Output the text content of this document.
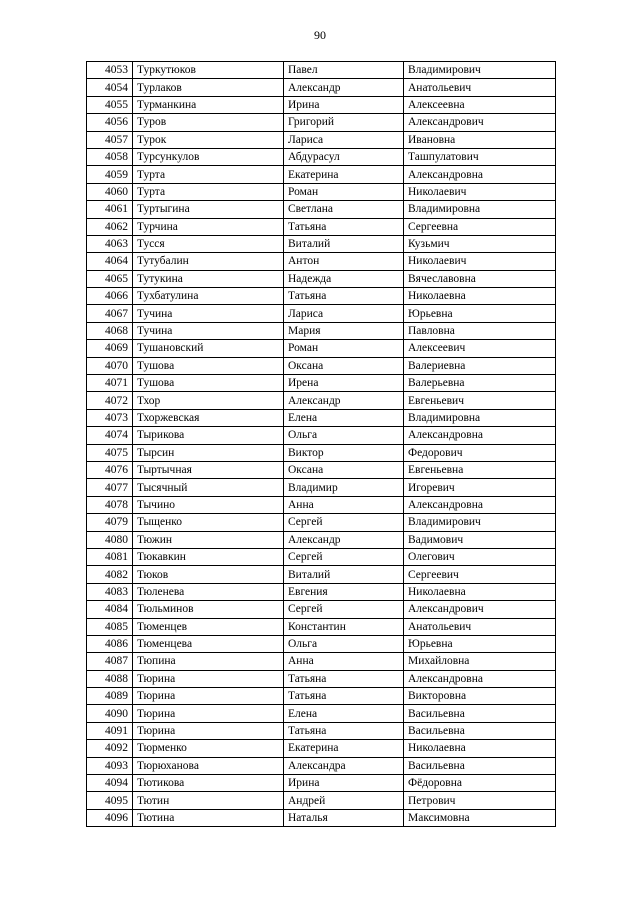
90
4053	Туркутюков	Павел	Владимирович
4054	Турлаков	Александр	Анатольевич
4055	Турманкина	Ирина	Алексеевна
4056	Туров	Григорий	Александрович
4057	Турок	Лариса	Ивановна
4058	Турсункулов	Абдурасул	Ташпулатович
4059	Турта	Екатерина	Александровна
4060	Турта	Роман	Николаевич
4061	Туртыгина	Светлана	Владимировна
4062	Турчина	Татьяна	Сергеевна
4063	Тусся	Виталий	Кузьмич
4064	Тутубалин	Антон	Николаевич
4065	Тутукина	Надежда	Вячеславовна
4066	Тухбатулина	Татьяна	Николаевна
4067	Тучина	Лариса	Юрьевна
4068	Тучина	Мария	Павловна
4069	Тушановский	Роман	Алексеевич
4070	Тушова	Оксана	Валериевна
4071	Тушова	Ирена	Валерьевна
4072	Тхор	Александр	Евгеньевич
4073	Тхоржевская	Елена	Владимировна
4074	Тырикова	Ольга	Александровна
4075	Тырсин	Виктор	Федорович
4076	Тыртычная	Оксана	Евгеньевна
4077	Тысячный	Владимир	Игоревич
4078	Тычино	Анна	Александровна
4079	Тыщенко	Сергей	Владимирович
4080	Тюжин	Александр	Вадимович
4081	Тюкавкин	Сергей	Олегович
4082	Тюков	Виталий	Сергеевич
4083	Тюленева	Евгения	Николаевна
4084	Тюльминов	Сергей	Александрович
4085	Тюменцев	Константин	Анатольевич
4086	Тюменцева	Ольга	Юрьевна
4087	Тюпина	Анна	Михайловна
4088	Тюрина	Татьяна	Александровна
4089	Тюрина	Татьяна	Викторовна
4090	Тюрина	Елена	Васильевна
4091	Тюрина	Татьяна	Васильевна
4092	Тюрменко	Екатерина	Николаевна
4093	Тюрюханова	Александра	Васильевна
4094	Тютикова	Ирина	Фёдоровна
4095	Тютин	Андрей	Петрович
4096	Тютина	Наталья	Максимовна
